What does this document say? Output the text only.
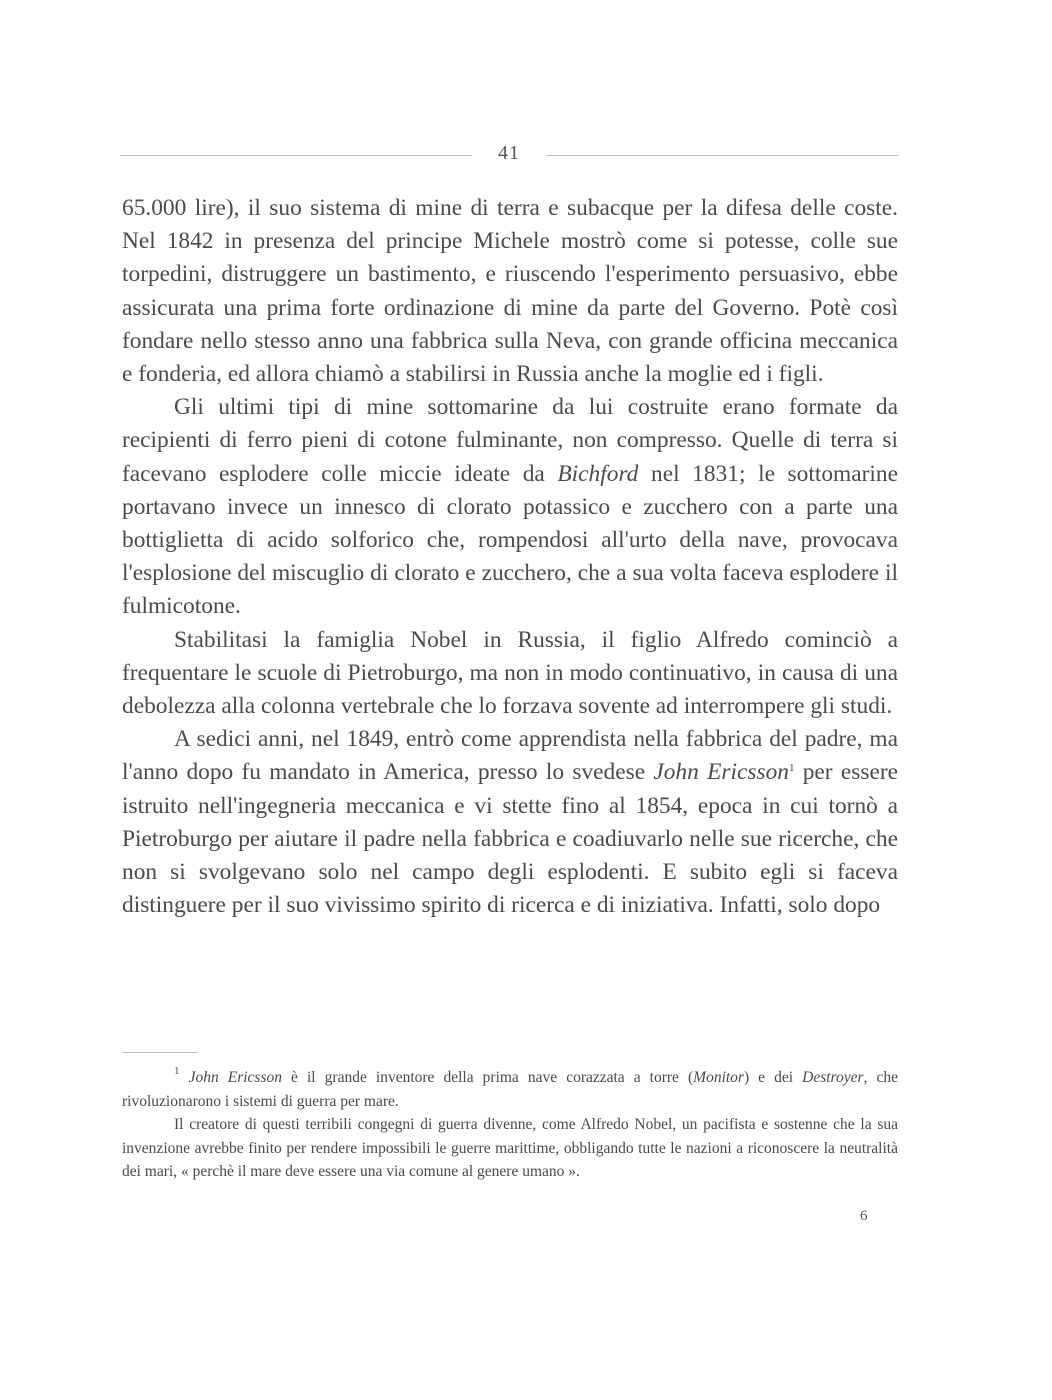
41

65.000 lire), il suo sistema di mine di terra e subacque per la difesa delle coste. Nel 1842 in presenza del principe Michele mostrò come si potesse, colle sue torpedini, distruggere un bastimento, e riuscendo l'esperimento persuasivo, ebbe assicurata una prima forte ordinazione di mine da parte del Governo. Potè così fondare nello stesso anno una fabbrica sulla Neva, con grande officina meccanica e fonderia, ed allora chiamò a stabilirsi in Russia anche la moglie ed i figli.

Gli ultimi tipi di mine sottomarine da lui costruite erano formate da recipienti di ferro pieni di cotone fulminante, non compresso. Quelle di terra si facevano esplodere colle miccie ideate da Bichford nel 1831; le sottomarine portavano invece un innesco di clorato potassico e zucchero con a parte una bottiglietta di acido solforico che, rompendosi all'urto della nave, provocava l'esplosione del miscuglio di clorato e zucchero, che a sua volta faceva esplodere il fulmicotone.

Stabilitasi la famiglia Nobel in Russia, il figlio Alfredo cominciò a frequentare le scuole di Pietroburgo, ma non in modo continuativo, in causa di una debolezza alla colonna vertebrale che lo forzava sovente ad interrompere gli studi.

A sedici anni, nel 1849, entrò come apprendista nella fabbrica del padre, ma l'anno dopo fu mandato in America, presso lo svedese John Ericsson$^1$ per essere istruito nell'ingegneria meccanica e vi stette fino al 1854, epoca in cui tornò a Pietroburgo per aiutare il padre nella fabbrica e coadiuvarlo nelle sue ricerche, che non si svolgevano solo nel campo degli esplodenti. E subito egli si faceva distinguere per il suo vivissimo spirito di ricerca e di iniziativa. Infatti, solo dopo

$^1$ John Ericsson è il grande inventore della prima nave corazzata a torre (Monitor) e dei Destroyer, che rivoluzionarono i sistemi di guerra per mare.

Il creatore di questi terribili congegni di guerra divenne, come Alfredo Nobel, un pacifista e sostenne che la sua invenzione avrebbe finito per rendere impossibili le guerre marittime, obbligando tutte le nazioni a riconoscere la neutralità dei mari, « perchè il mare deve essere una via comune al genere umano ».

6
